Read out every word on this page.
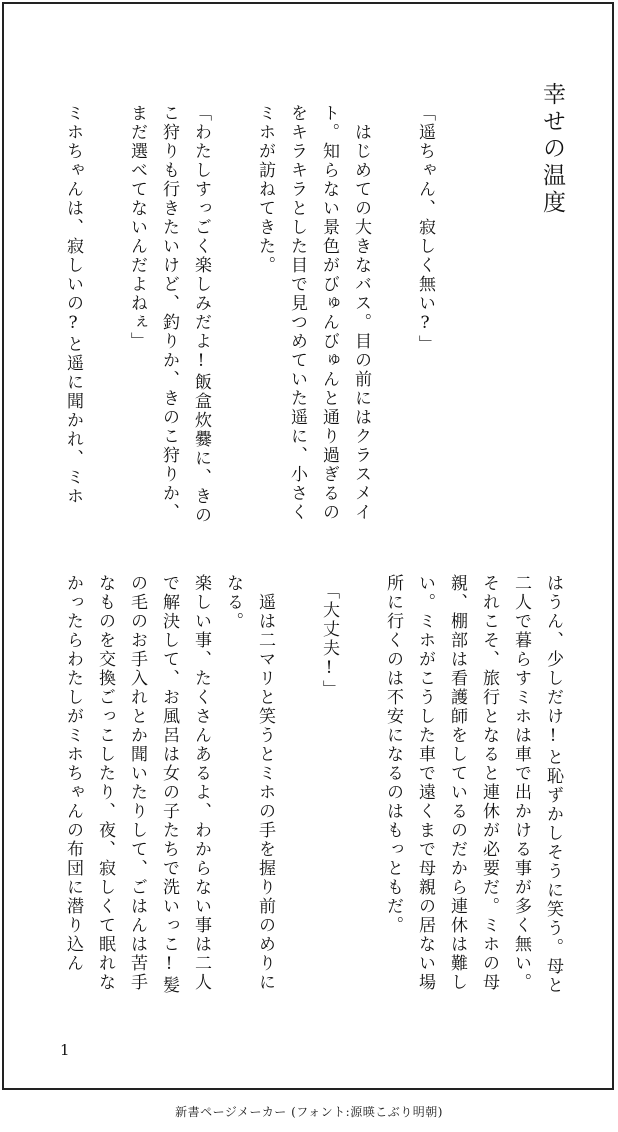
幸せの温度
「遥ちゃん、寂しく無い?」
　はじめての大きなバス。目の前にはクラスメイ
ト。知らない景色がびゅんびゅんと通り過ぎるの
をキラキラとした目で見つめていた遥に、小さく
ミホが訪ねてきた。
「わたしすっごく楽しみだよ!飯盒炊爨に、きの
こ狩りも行きたいけど、釣りか、きのこ狩りか、
まだ選べてないんだよねぇ」
ミホちゃんは、寂しいの?と遥に聞かれ、ミホ
はうん、少しだけ!と恥ずかしそうに笑う。母と
二人で暮らすミホは車で出かける事が多く無い。
それこそ、旅行となると連休が必要だ。ミホの母
親、棚部は看護師をしているのだから連休は難し
い。ミホがこうした車で遠くまで母親の居ない場
所に行くのは不安になるのはもっともだ。
「大丈夫!」
　遥は二マリと笑うとミホの手を握り前のめりに
なる。
楽しい事、たくさんあるよ、わからない事は二人
で解決して、お風呂は女の子たちで洗いっこ!髪
の毛のお手入れとか聞いたりして、ごはんは苦手
なものを交換ごっこしたり、夜、寂しくて眠れな
かったらわたしがミホちゃんの布団に潜り込ん
1
新書ページメーカー (フォント:源暎こぶり明朝)
